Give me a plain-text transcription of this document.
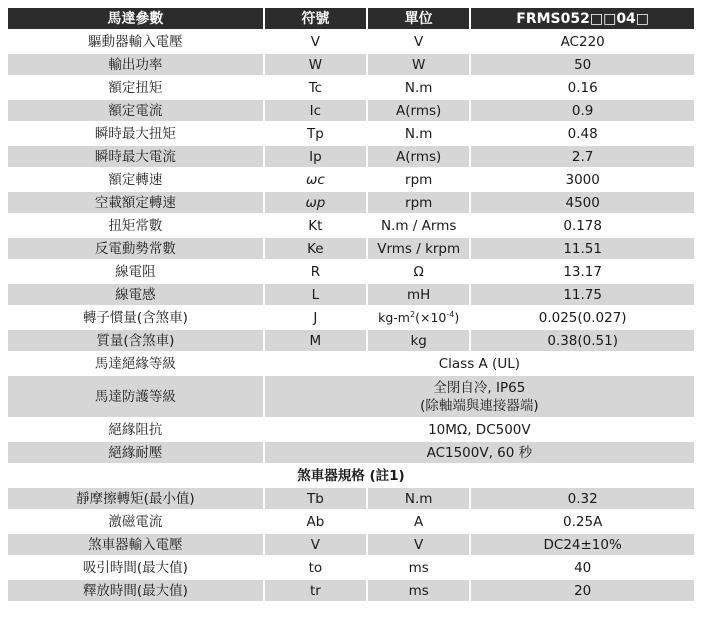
馬達參數	符號	單位	FRMS052□□04□
驅動器輸入電壓	V	V	AC220
輸出功率	W	W	50
額定扭矩	Tc	N.m	0.16
額定電流	Ic	A(rms)	0.9
瞬時最大扭矩	Tp	N.m	0.48
瞬時最大電流	Ip	A(rms)	2.7
額定轉速	ωc	rpm	3000
空載額定轉速	ωp	rpm	4500
扭矩常數	Kt	N.m / Arms	0.178
反電動勢常數	Ke	Vrms / krpm	11.51
線電阻	R	Ω	13.17
線電感	L	mH	11.75
轉子慣量(含煞車)	J	$kg-m^2(\times 10^{-4})$	0.025(0.027)
質量(含煞車)	M	kg	0.38(0.51)
馬達絕緣等級	Class A (UL)		
馬達防護等級	全閉自冷, IP65
(除軸端與連接器端)		

絕緣阻抗	10MΩ, DC500V		
絕緣耐壓	AC1500V, 60 秒		
煞車器規格 (註1)			
靜摩擦轉矩(最小值)	Tb	N.m	0.32
激磁電流	Ab	A	0.25A
煞車器輸入電壓	V	V	DC24±10%
吸引時間(最大值)	to	ms	40
釋放時間(最大值)	tr	ms	20
